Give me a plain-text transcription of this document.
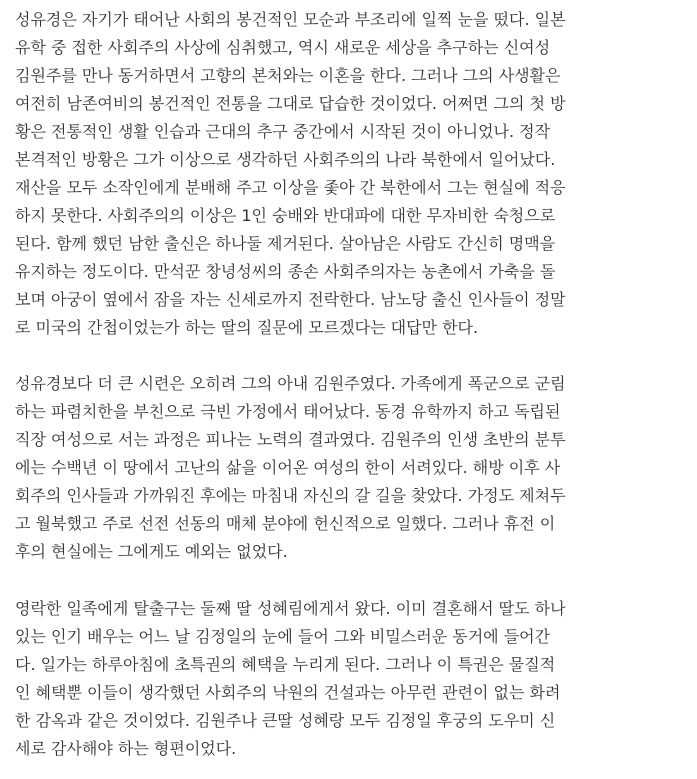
성유경은 자기가 태어난 사회의 봉건적인 모순과 부조리에 일찍 눈을 떴다. 일본
유학 중 접한 사회주의 사상에 심취했고, 역시 새로운 세상을 추구하는 신여성
김원주를 만나 동거하면서 고향의 본처와는 이혼을 한다. 그러나 그의 사생활은
여전히 남존여비의 봉건적인 전통을 그대로 답습한 것이었다. 어쩌면 그의 첫 방
황은 전통적인 생활 인습과 근대의 추구 중간에서 시작된 것이 아니었나. 정작
본격적인 방황은 그가 이상으로 생각하던 사회주의의 나라 북한에서 일어났다.
재산을 모두 소작인에게 분배해 주고 이상을 좇아 간 북한에서 그는 현실에 적응
하지 못한다. 사회주의의 이상은 1인 숭배와 반대파에 대한 무자비한 숙청으로
된다. 함께 했던 남한 출신은 하나둘 제거된다. 살아남은 사람도 간신히 명맥을
유지하는 정도이다. 만석꾼 창녕성씨의 종손 사회주의자는 농촌에서 가축을 돌
보며 아궁이 옆에서 잠을 자는 신세로까지 전락한다. 남노당 출신 인사들이 정말
로 미국의 간첩이었는가 하는 딸의 질문에 모르겠다는 대답만 한다.
성유경보다 더 큰 시련은 오히려 그의 아내 김원주였다. 가족에게 폭군으로 군림
하는 파렴치한을 부친으로 극빈 가정에서 태어났다. 동경 유학까지 하고 독립된
직장 여성으로 서는 과정은 피나는 노력의 결과였다. 김원주의 인생 초반의 분투
에는 수백년 이 땅에서 고난의 삶을 이어온 여성의 한이 서려있다. 해방 이후 사
회주의 인사들과 가까워진 후에는 마침내 자신의 갈 길을 찾았다. 가정도 제쳐두
고 월북했고 주로 선전 선동의 매체 분야에 헌신적으로 일했다. 그러나 휴전 이
후의 현실에는 그에게도 예외는 없었다.
영락한 일족에게 탈출구는 둘째 딸 성혜림에게서 왔다. 이미 결혼해서 딸도 하나
있는 인기 배우는 어느 날 김정일의 눈에 들어 그와 비밀스러운 동거에 들어간
다. 일가는 하루아침에 초특권의 혜택을 누리게 된다. 그러나 이 특권은 물질적
인 혜택뿐 이들이 생각했던 사회주의 낙원의 건설과는 아무런 관련이 없는 화려
한 감옥과 같은 것이었다. 김원주나 큰딸 성혜랑 모두 김정일 후궁의 도우미 신
세로 감사해야 하는 형편이었다.
